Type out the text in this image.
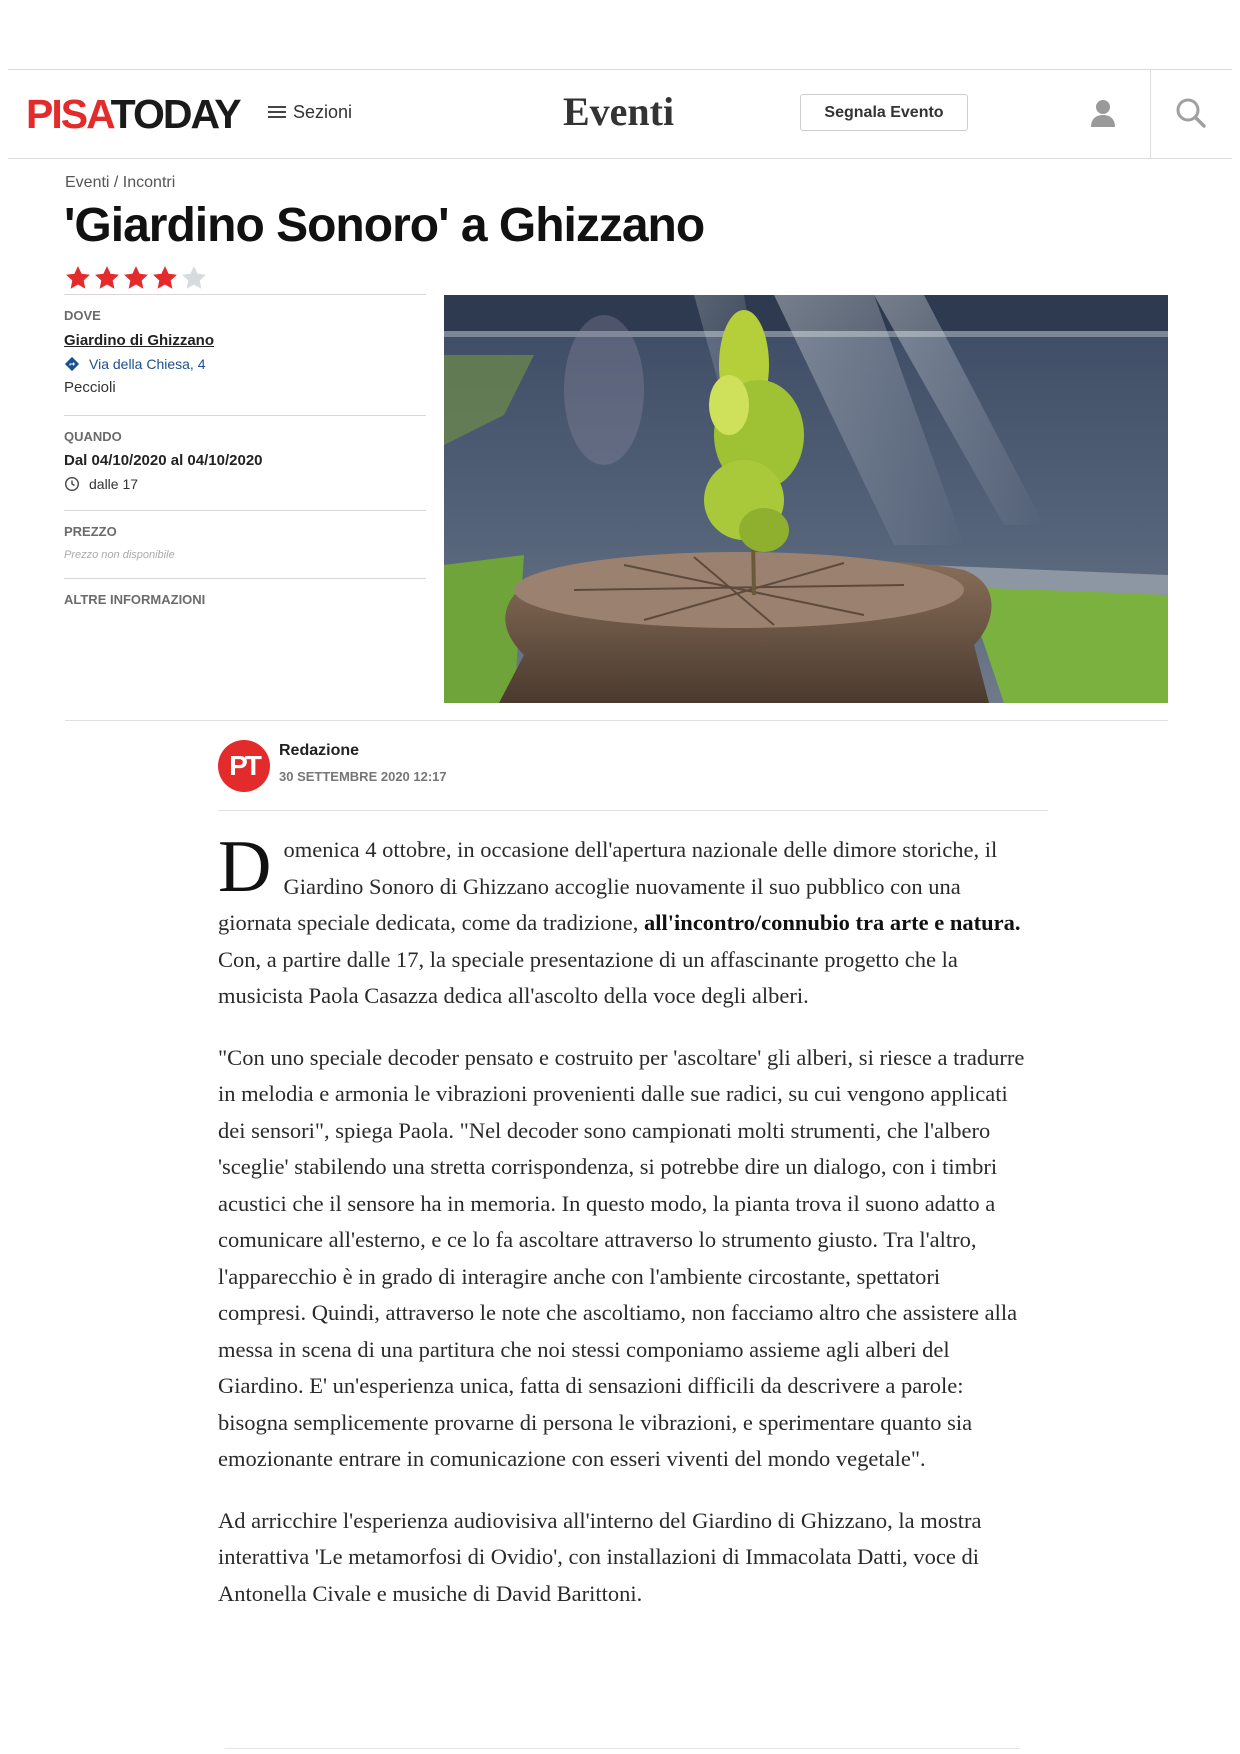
PISATODAY	Sezioni	Eventi	Segnala Evento
Eventi / Incontri
'Giardino Sonoro' a Ghizzano
DOVE
Giardino di Ghizzano
Via della Chiesa, 4
Peccioli
QUANDO
Dal 04/10/2020 al 04/10/2020
dalle 17
PREZZO
Prezzo non disponibile
ALTRE INFORMAZIONI
PT	Redazione
30 SETTEMBRE 2020 12:17

Domenica 4 ottobre, in occasione dell'apertura nazionale delle dimore storiche, il Giardino Sonoro di Ghizzano accoglie nuovamente il suo pubblico con una giornata speciale dedicata, come da tradizione, all'incontro/connubio tra arte e natura. Con, a partire dalle 17, la speciale presentazione di un affascinante progetto che la musicista Paola Casazza dedica all'ascolto della voce degli alberi.

"Con uno speciale decoder pensato e costruito per 'ascoltare' gli alberi, si riesce a tradurre in melodia e armonia le vibrazioni provenienti dalle sue radici, su cui vengono applicati dei sensori", spiega Paola. "Nel decoder sono campionati molti strumenti, che l'albero 'sceglie' stabilendo una stretta corrispondenza, si potrebbe dire un dialogo, con i timbri acustici che il sensore ha in memoria. In questo modo, la pianta trova il suono adatto a comunicare all'esterno, e ce lo fa ascoltare attraverso lo strumento giusto. Tra l'altro, l'apparecchio è in grado di interagire anche con l'ambiente circostante, spettatori compresi. Quindi, attraverso le note che ascoltiamo, non facciamo altro che assistere alla messa in scena di una partitura che noi stessi componiamo assieme agli alberi del Giardino. E' un'esperienza unica, fatta di sensazioni difficili da descrivere a parole: bisogna semplicemente provarne di persona le vibrazioni, e sperimentare quanto sia emozionante entrare in comunicazione con esseri viventi del mondo vegetale".

Ad arricchire l'esperienza audiovisiva all'interno del Giardino di Ghizzano, la mostra interattiva 'Le metamorfosi di Ovidio', con installazioni di Immacolata Datti, voce di Antonella Civale e musiche di David Barittoni.
